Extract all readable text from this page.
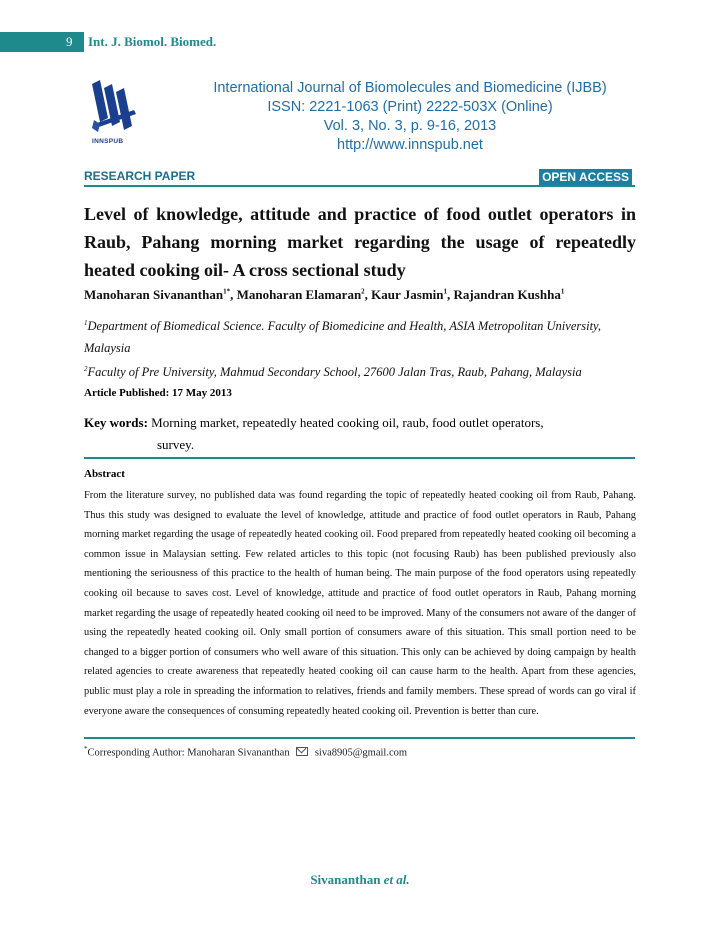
9 Int. J. Biomol. Biomed.
INNSPUB
International Journal of Biomolecules and Biomedicine (IJBB)
ISSN: 2221-1063 (Print) 2222-503X (Online)
Vol. 3, No. 3, p. 9-16, 2013
http://www.innspub.net
RESEARCH PAPER	OPEN ACCESS
Level of knowledge, attitude and practice of food outlet operators in Raub, Pahang morning market regarding the usage of repeatedly heated cooking oil- A cross sectional study
Manoharan Sivananthan$^{1*}$, Manoharan Elamaran$^2$, Kaur Jasmin$^1$, Rajandran Kushha$^1$
$^1$Department of Biomedical Science. Faculty of Biomedicine and Health, ASIA Metropolitan University, Malaysia
$^2$Faculty of Pre University, Mahmud Secondary School, 27600 Jalan Tras, Raub, Pahang, Malaysia
Article Published: 17 May 2013
Key words: Morning market, repeatedly heated cooking oil, raub, food outlet operators,
survey.
Abstract
From the literature survey, no published data was found regarding the topic of repeatedly heated cooking oil from Raub, Pahang. Thus this study was designed to evaluate the level of knowledge, attitude and practice of food outlet operators in Raub, Pahang morning market regarding the usage of repeatedly heated cooking oil. Food prepared from repeatedly heated cooking oil becoming a common issue in Malaysian setting. Few related articles to this topic (not focusing Raub) has been published previously also mentioning the seriousness of this practice to the health of human being. The main purpose of the food operators using repeatedly cooking oil because to saves cost. Level of knowledge, attitude and practice of food outlet operators in Raub, Pahang morning market regarding the usage of repeatedly heated cooking oil need to be improved. Many of the consumers not aware of the danger of using the repeatedly heated cooking oil. Only small portion of consumers aware of this situation. This small portion need to be changed to a bigger portion of consumers who well aware of this situation. This only can be achieved by doing campaign by health related agencies to create awareness that repeatedly heated cooking oil can cause harm to the health. Apart from these agencies, public must play a role in spreading the information to relatives, friends and family members. These spread of words can go viral if everyone aware the consequences of consuming repeatedly heated cooking oil. Prevention is better than cure.
*Corresponding Author: Manoharan Sivananthan siva8905@gmail.com
Sivananthan et al.
